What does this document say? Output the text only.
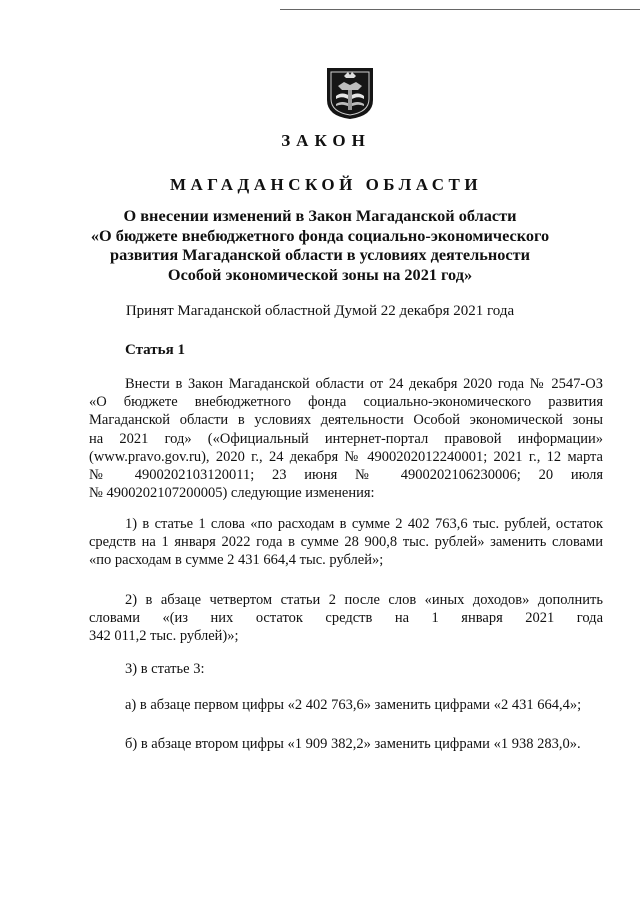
ЗАКОН
МАГАДАНСКОЙ ОБЛАСТИ
О внесении изменений в Закон Магаданской области
«О бюджете внебюджетного фонда социально-экономического
развития Магаданской области в условиях деятельности
Особой экономической зоны на 2021 год»
Принят Магаданской областной Думой 22 декабря 2021 года
Статья 1
Внести в Закон Магаданской области от 24 декабря 2020 года № 2547-ОЗ
«О бюджете внебюджетного фонда социально-экономического развития
Магаданской области в условиях деятельности Особой экономической зоны
на 2021 год» («Официальный интернет-портал правовой информации»
(www.pravo.gov.ru), 2020 г., 24 декабря № 4900202012240001; 2021 г., 12 марта
№ 4900202103120011; 23 июня № 4900202106230006; 20 июля
№ 4900202107200005) следующие изменения:
1) в статье 1 слова «по расходам в сумме 2 402 763,6 тыс. рублей, остаток
средств на 1 января 2022 года в сумме 28 900,8 тыс. рублей» заменить словами
«по расходам в сумме 2 431 664,4 тыс. рублей»;
2) в абзаце четвертом статьи 2 после слов «иных доходов» дополнить
словами «(из них остаток средств на 1 января 2021 года
342 011,2 тыс. рублей)»;
3) в статье 3:
а) в абзаце первом цифры «2 402 763,6» заменить цифрами «2 431 664,4»;
б) в абзаце втором цифры «1 909 382,2» заменить цифрами «1 938 283,0».
